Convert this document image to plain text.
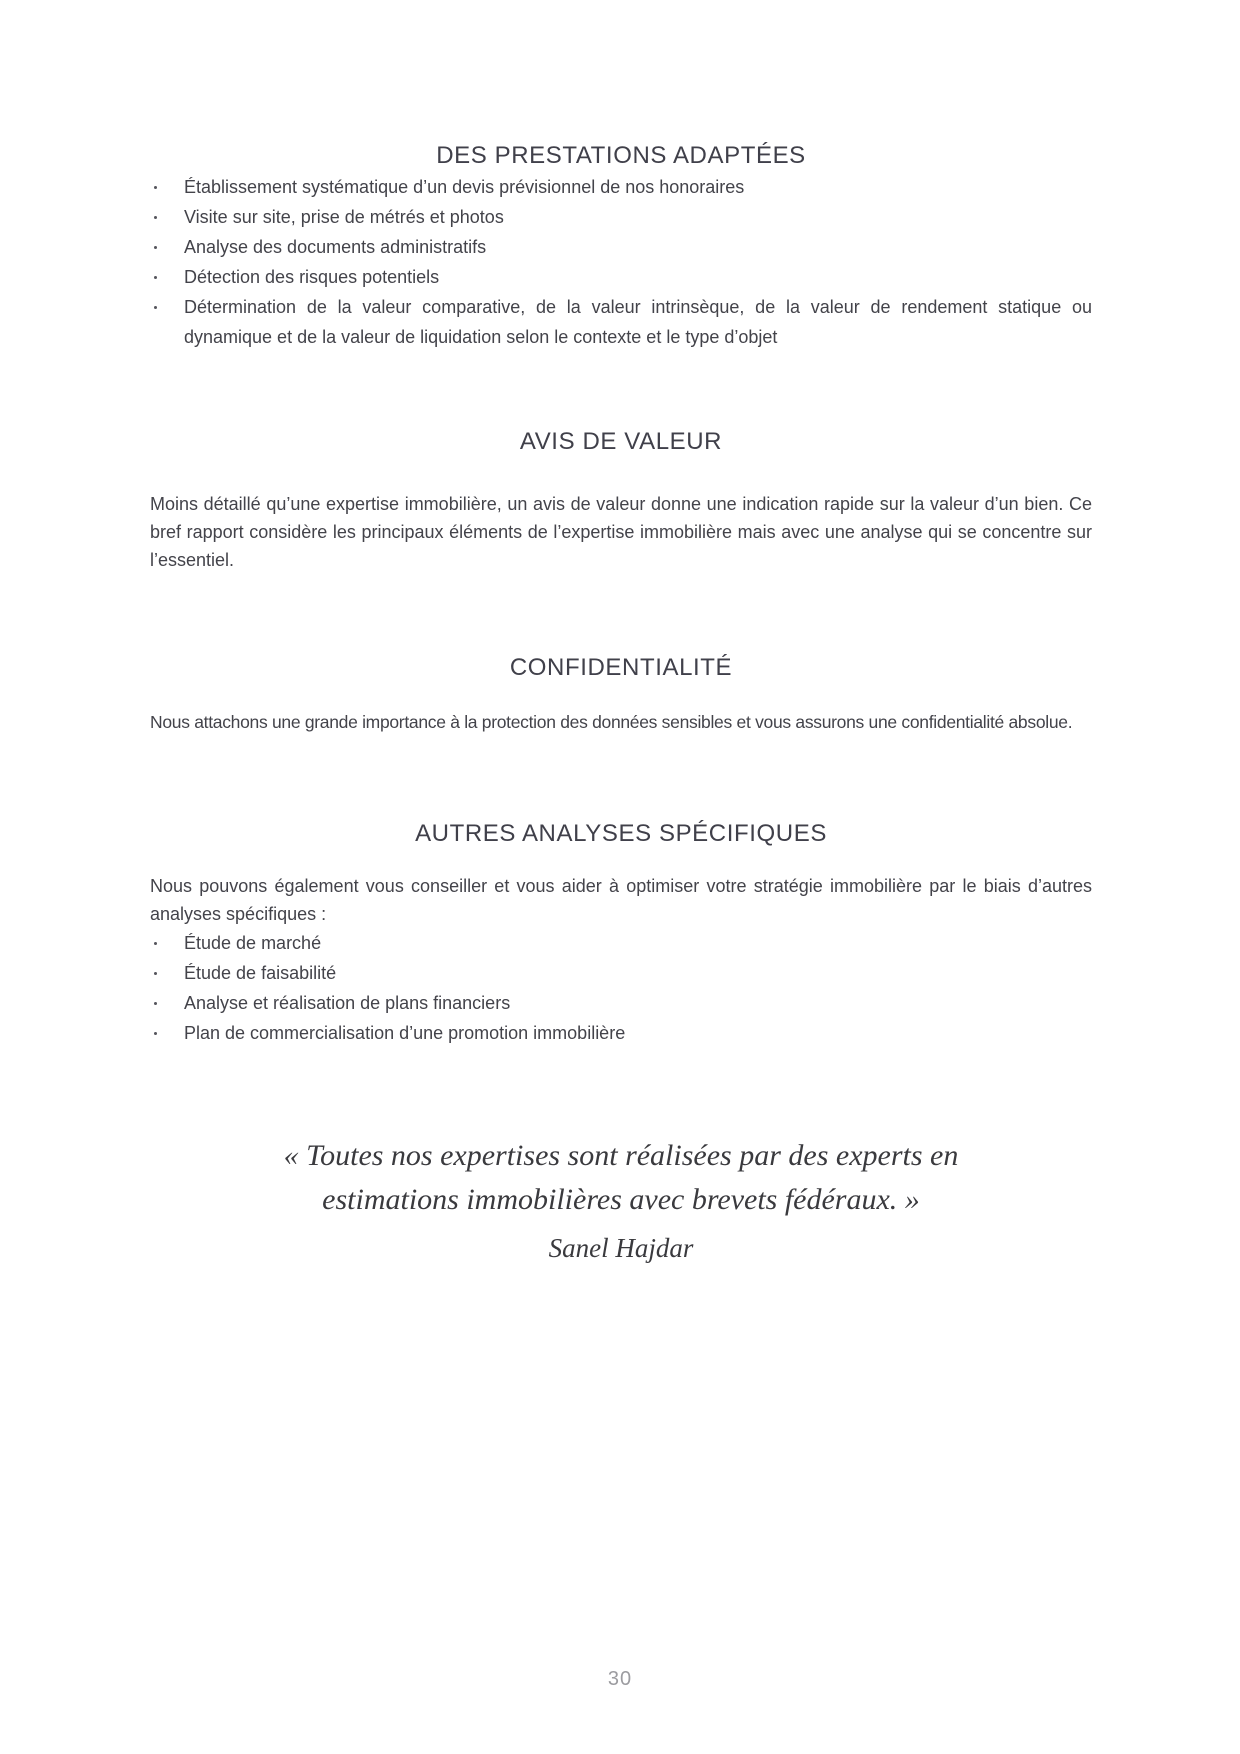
DES PRESTATIONS ADAPTÉES
Établissement systématique d’un devis prévisionnel de nos honoraires
Visite sur site, prise de métrés et photos
Analyse des documents administratifs
Détection des risques potentiels
Détermination de la valeur comparative, de la valeur intrinsèque, de la valeur de rendement statique ou dynamique et de la valeur de liquidation selon le contexte et le type d’objet
AVIS DE VALEUR

Moins détaillé qu’une expertise immobilière, un avis de valeur donne une indication rapide sur la valeur d’un bien. Ce bref rapport considère les principaux éléments de l’expertise immobilière mais avec une analyse qui se concentre sur l’essentiel.

CONFIDENTIALITÉ

Nous attachons une grande importance à la protection des données sensibles et vous assurons une confidentialité absolue.

AUTRES ANALYSES SPÉCIFIQUES

Nous pouvons également vous conseiller et vous aider à optimiser votre stratégie immobilière par le biais d’autres analyses spécifiques :

Étude de marché
Étude de faisabilité
Analyse et réalisation de plans financiers
Plan de commercialisation d’une promotion immobilière
« Toutes nos expertises sont réalisées par des experts en
estimations immobilières avec brevets fédéraux. »
Sanel Hajdar
30
